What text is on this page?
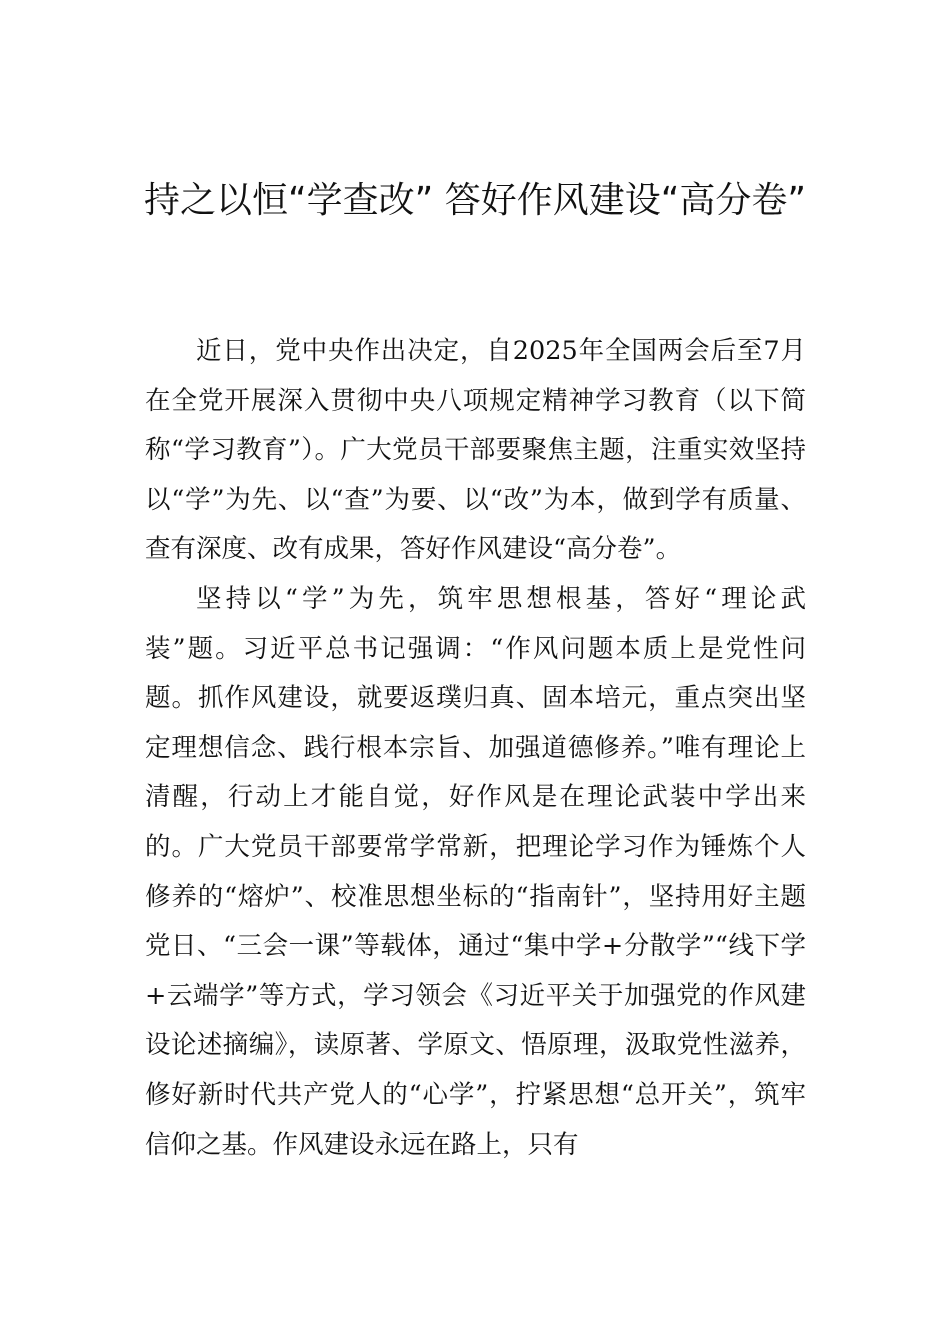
持之以恒“学查改” 答好作风建设“高分卷”

近日，党中央作出决定，自2025年全国两会后至7月在全党开展深入贯彻中央八项规定精神学习教育（以下简称“学习教育”）。广大党员干部要聚焦主题，注重实效坚持以“学”为先、以“查”为要、以“改”为本，做到学有质量、查有深度、改有成果，答好作风建设“高分卷”。

坚持以“学”为先，筑牢思想根基，答好“理论武装”题。习近平总书记强调：“作风问题本质上是党性问题。抓作风建设，就要返璞归真、固本培元，重点突出坚定理想信念、践行根本宗旨、加强道德修养。”唯有理论上清醒，行动上才能自觉，好作风是在理论武装中学出来的。广大党员干部要常学常新，把理论学习作为锤炼个人修养的“熔炉”、校准思想坐标的“指南针”，坚持用好主题党日、“三会一课”等载体，通过“集中学+分散学”“线下学+云端学”等方式，学习领会《习近平关于加强党的作风建设论述摘编》，读原著、学原文、悟原理，汲取党性滋养，修好新时代共产党人的“心学”，拧紧思想“总开关”，筑牢信仰之基。作风建设永远在路上，只有
